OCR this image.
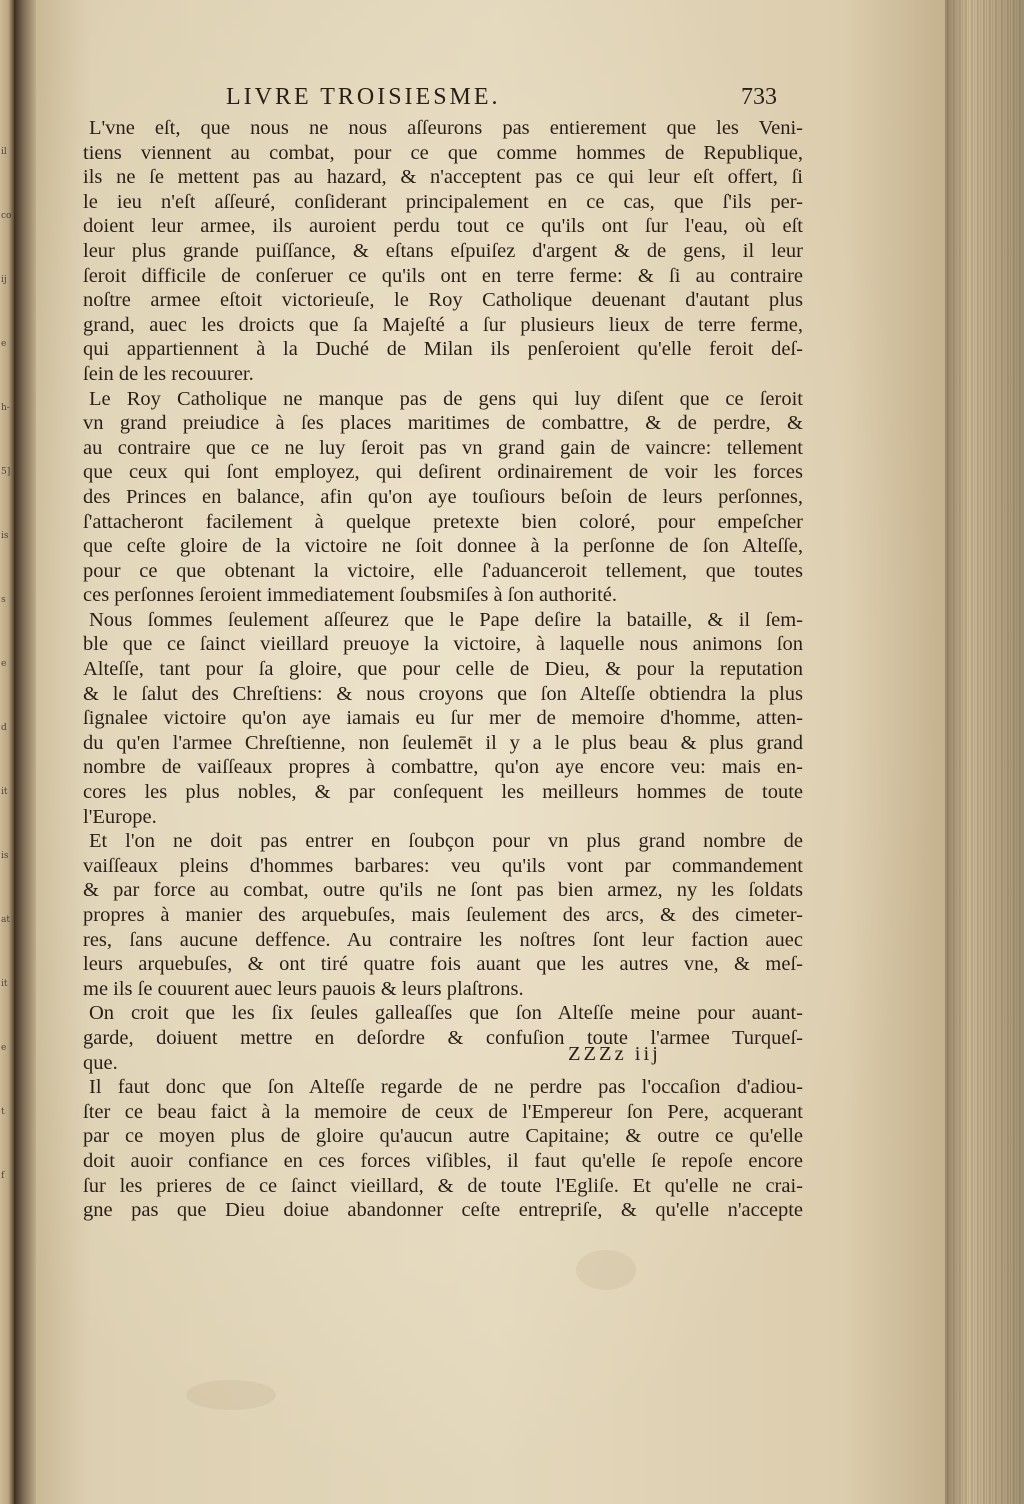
il
co
ij
e
h-
5]
is
s
e
d
it
is
at
it
e
t
f
LIVRE TROISIESME.	733
L'vne eſt, que nous ne nous aſſeurons pas entierement que les Veni-
tiens viennent au combat, pour ce que comme hommes de Republique,
ils ne ſe mettent pas au hazard, & n'acceptent pas ce qui leur eſt offert, ſi
le ieu n'eſt aſſeuré, conſiderant principalement en ce cas, que ſ'ils per-
doient leur armee, ils auroient perdu tout ce qu'ils ont ſur l'eau, où eſt
leur plus grande puiſſance, & eſtans eſpuiſez d'argent & de gens, il leur
ſeroit difficile de conſeruer ce qu'ils ont en terre ferme: & ſi au contraire
noſtre armee eſtoit victorieuſe, le Roy Catholique deuenant d'autant plus
grand, auec les droicts que ſa Majeſté a ſur plusieurs lieux de terre ferme,
qui appartiennent à la Duché de Milan ils penſeroient qu'elle feroit deſ-
ſein de les recouurer.
Le Roy Catholique ne manque pas de gens qui luy diſent que ce ſeroit
vn grand preiudice à ſes places maritimes de combattre, & de perdre, &
au contraire que ce ne luy ſeroit pas vn grand gain de vaincre: tellement
que ceux qui ſont employez, qui deſirent ordinairement de voir les forces
des Princes en balance, afin qu'on aye touſiours beſoin de leurs perſonnes,
ſ'attacheront facilement à quelque pretexte bien coloré, pour empeſcher
que ceſte gloire de la victoire ne ſoit donnee à la perſonne de ſon Alteſſe,
pour ce que obtenant la victoire, elle ſ'aduanceroit tellement, que toutes
ces perſonnes ſeroient immediatement ſoubsmiſes à ſon authorité.
Nous ſommes ſeulement aſſeurez que le Pape deſire la bataille, & il ſem-
ble que ce ſainct vieillard preuoye la victoire, à laquelle nous animons ſon
Alteſſe, tant pour ſa gloire, que pour celle de Dieu, & pour la reputation
& le ſalut des Chreſtiens: & nous croyons que ſon Alteſſe obtiendra la plus
ſignalee victoire qu'on aye iamais eu ſur mer de memoire d'homme, atten-
du qu'en l'armee Chreſtienne, non ſeulemēt il y a le plus beau & plus grand
nombre de vaiſſeaux propres à combattre, qu'on aye encore veu: mais en-
cores les plus nobles, & par conſequent les meilleurs hommes de toute
l'Europe.
Et l'on ne doit pas entrer en ſoubçon pour vn plus grand nombre de
vaiſſeaux pleins d'hommes barbares: veu qu'ils vont par commandement
& par force au combat, outre qu'ils ne ſont pas bien armez, ny les ſoldats
propres à manier des arquebuſes, mais ſeulement des arcs, & des cimeter-
res, ſans aucune deffence. Au contraire les noſtres ſont leur faction auec
leurs arquebuſes, & ont tiré quatre fois auant que les autres vne, & meſ-
me ils ſe couurent auec leurs pauois & leurs plaſtrons.
On croit que les ſix ſeules galleaſſes que ſon Alteſſe meine pour auant-
garde, doiuent mettre en deſordre & confuſion toute l'armee Turqueſ-
que.
Il faut donc que ſon Alteſſe regarde de ne perdre pas l'occaſion d'adiou-
ſter ce beau faict à la memoire de ceux de l'Empereur ſon Pere, acquerant
par ce moyen plus de gloire qu'aucun autre Capitaine; & outre ce qu'elle
doit auoir confiance en ces forces viſibles, il faut qu'elle ſe repoſe encore
ſur les prieres de ce ſainct vieillard, & de toute l'Egliſe. Et qu'elle ne crai-
gne pas que Dieu doiue abandonner ceſte entrepriſe, & qu'elle n'accepte
ZZZz iij
